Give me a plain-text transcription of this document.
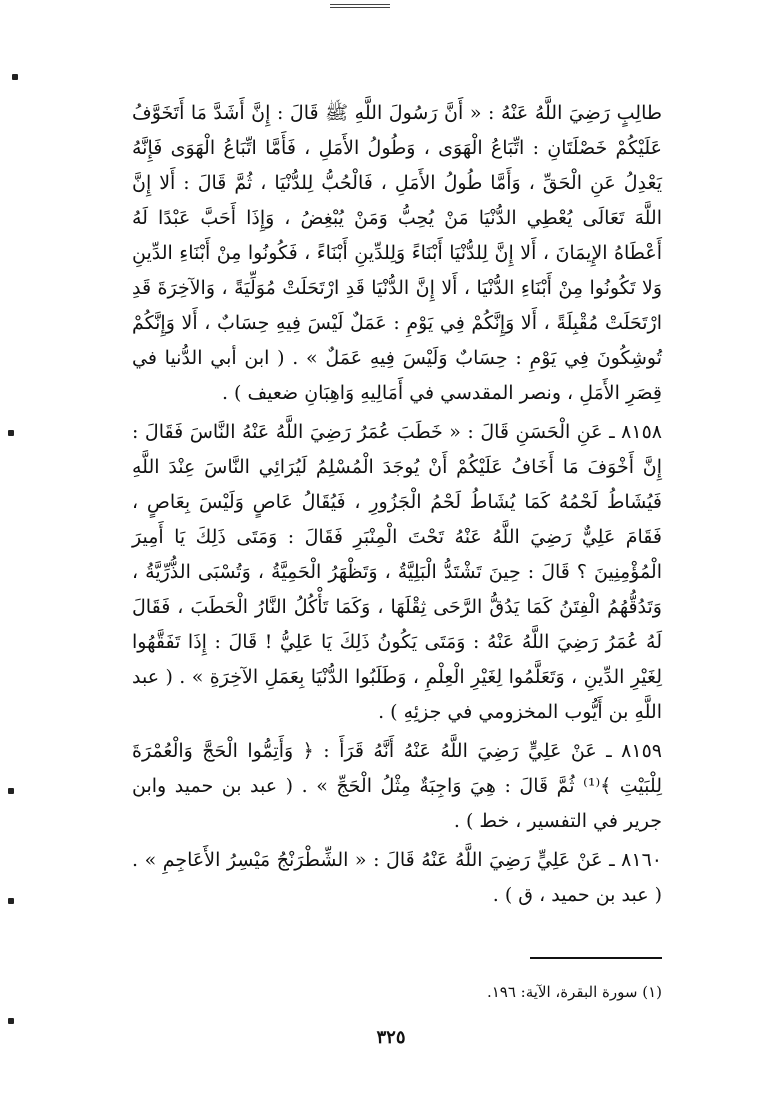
طالِبٍ رَضِيَ اللَّهُ عَنْهُ : « أَنَّ رَسُولَ اللَّهِ ﷺ قَالَ : إِنَّ أَشَدَّ مَا أَتَخَوَّفُ عَلَيْكُمْ خَصْلَتَانِ : اتِّبَاعُ الْهَوَى ، وَطُولُ الأَمَلِ ، فَأَمَّا اتِّبَاعُ الْهَوَى فَإِنَّهُ يَعْدِلُ عَنِ الْحَقِّ ، وَأَمَّا طُولُ الأَمَلِ ، فَالْحُبُّ لِلدُّنْيَا ، ثُمَّ قَالَ : أَلا إِنَّ اللَّهَ تَعَالَى يُعْطِي الدُّنْيَا مَنْ يُحِبُّ وَمَنْ يُبْغِضُ ، وَإِذَا أَحَبَّ عَبْدًا لَهُ أَعْطَاهُ الإِيمَانَ ، أَلا إِنَّ لِلدُّنْيَا أَبْنَاءً وَلِلدِّينِ أَبْنَاءً ، فَكُونُوا مِنْ أَبْنَاءِ الدِّينِ وَلا تَكُونُوا مِنْ أَبْنَاءِ الدُّنْيَا ، أَلا إِنَّ الدُّنْيَا قَدِ ارْتَحَلَتْ مُوَلِّيَةً ، وَالآخِرَةَ قَدِ ارْتَحَلَتْ مُقْبِلَةً ، أَلا وَإِنَّكُمْ فِي يَوْمِ : عَمَلٌ لَيْسَ فِيهِ حِسَابٌ ، أَلا وَإِنَّكُمْ تُوشِكُونَ فِي يَوْمِ : حِسَابٌ وَلَيْسَ فِيهِ عَمَلٌ » . ( ابن أبي الدُّنيا في قِصَرِ الأَمَلِ ، ونصر المقدسي في أَمَالِيهِ وَاهِبَانِ ضعيف ) .

٨١٥٨ ـ عَنِ الْحَسَنِ قَالَ : « خَطَبَ عُمَرُ رَضِيَ اللَّهُ عَنْهُ النَّاسَ فَقَالَ : إِنَّ أَخْوَفَ مَا أَخَافُ عَلَيْكُمْ أَنْ يُوجَدَ الْمُسْلِمُ لَيُرَائِي النَّاسَ عِنْدَ اللَّهِ فَيُشَاطُ لَحْمُهُ كَمَا يُشَاطُ لَحْمُ الْجَزُورِ ، فَيُقَالُ عَاصٍ وَلَيْسَ بِعَاصٍ ، فَقَامَ عَلِيٌّ رَضِيَ اللَّهُ عَنْهُ تَحْتَ الْمِنْبَرِ فَقَالَ : وَمَتَى ذَلِكَ يَا أَمِيرَ الْمُؤْمِنِينَ ؟ قَالَ : حِينَ تَشْتَدُّ الْبَلِيَّةُ ، وَتَظْهَرُ الْحَمِيَّةُ ، وَتُسْبَى الذُّرِّيَّةُ ، وَتَدُقُّهُمُ الْفِتَنُ كَمَا يَدُقُّ الرَّحَى ثِقْلَهَا ، وَكَمَا تَأْكُلُ النَّارُ الْحَطَبَ ، فَقَالَ لَهُ عُمَرُ رَضِيَ اللَّهُ عَنْهُ : وَمَتَى يَكُونُ ذَلِكَ يَا عَلِيُّ ! قَالَ : إِذَا تَفَقَّهُوا لِغَيْرِ الدِّينِ ، وَتَعَلَّمُوا لِغَيْرِ الْعِلْمِ ، وَطَلَبُوا الدُّنْيَا بِعَمَلِ الآخِرَةِ » . ( عبد اللَّهِ بن أَيُّوب المخزومي في جزئِهِ ) .

٨١٥٩ ـ عَنْ عَلِيٍّ رَضِيَ اللَّهُ عَنْهُ أَنَّهُ قَرَأَ : ﴿ وَأَتِمُّوا الْحَجَّ وَالْعُمْرَةَ لِلْبَيْتِ ﴾⁽¹⁾ ثُمَّ قَالَ : هِيَ وَاجِبَةٌ مِثْلُ الْحَجِّ » . ( عبد بن حميد وابن جرير في التفسير ، خط ) .

٨١٦٠ ـ عَنْ عَلِيٍّ رَضِيَ اللَّهُ عَنْهُ قَالَ : « الشِّطْرَنْجُ مَيْسِرُ الأَعَاجِمِ » . ( عبد بن حميد ، ق ) .

(١) سورة البقرة، الآية: ١٩٦.
٣٢٥
